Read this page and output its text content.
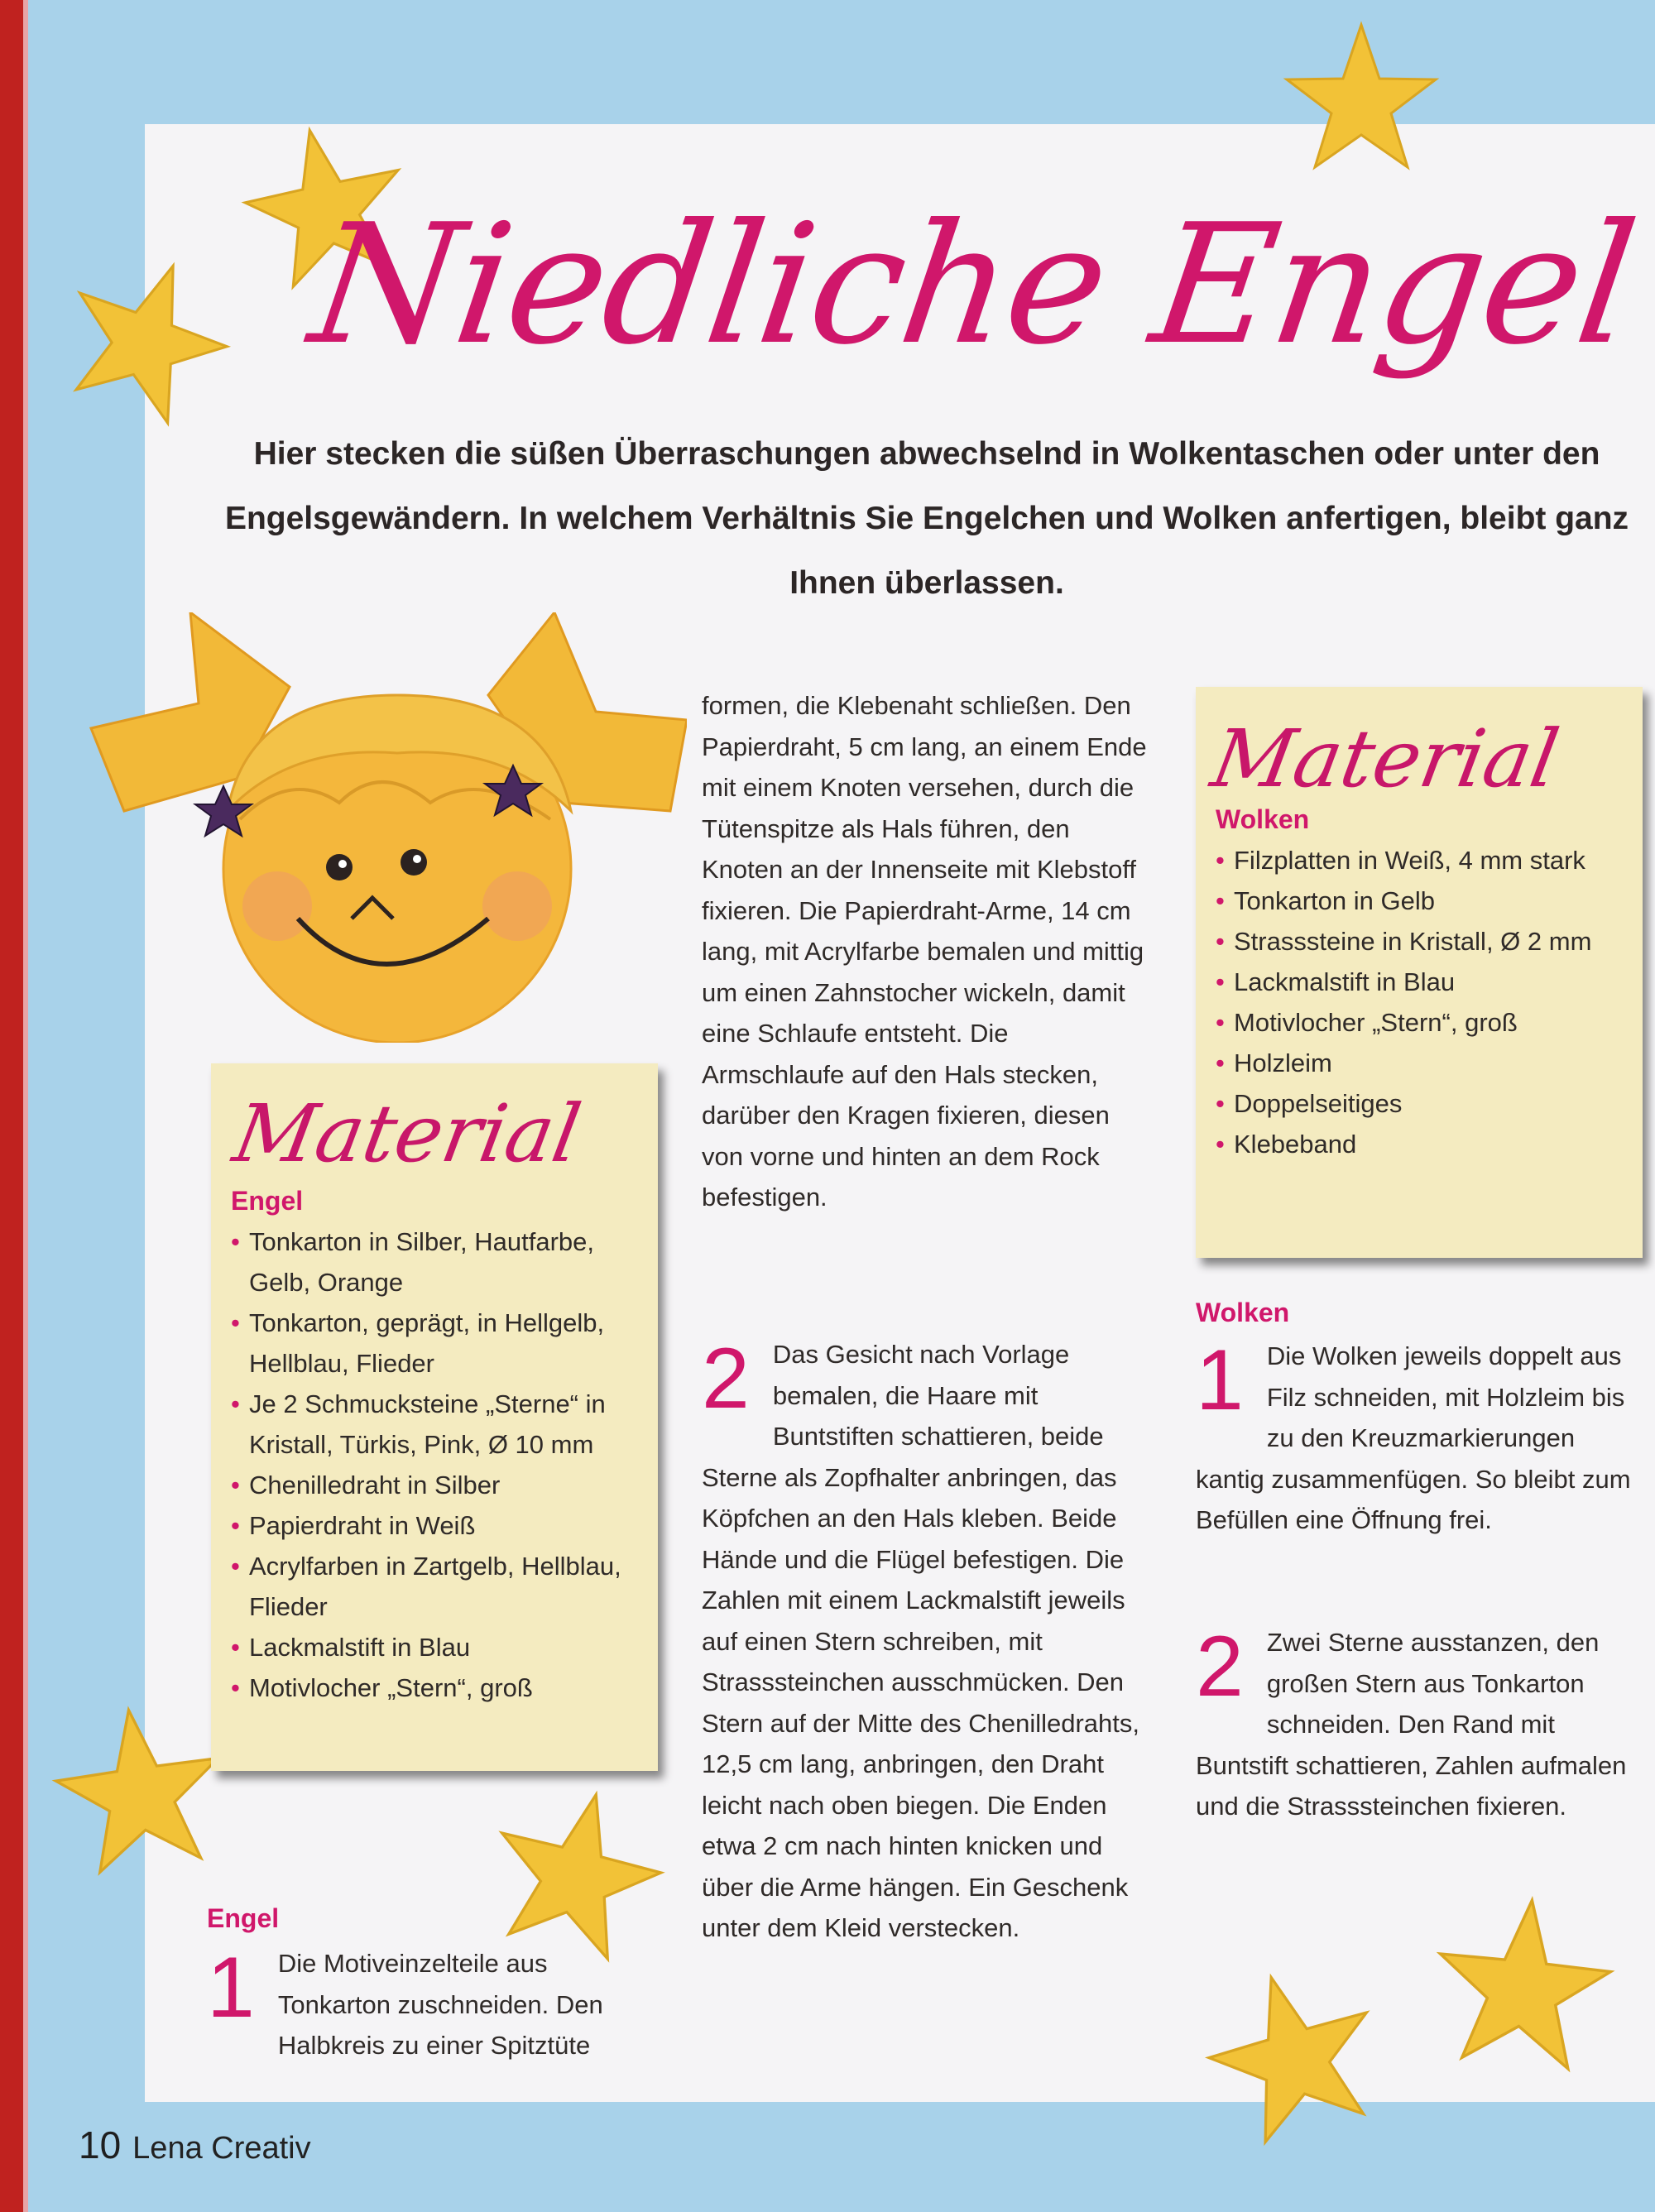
Niedliche Engel

Hier stecken die süßen Überraschungen abwechselnd in Wolkentaschen oder unter den Engelsgewändern. In welchem Verhältnis Sie Engelchen und Wolken anfertigen, bleibt ganz Ihnen überlassen.

Material
Engel
• Tonkarton in Silber, Hautfarbe, Gelb, Orange
• Tonkarton, geprägt, in Hellgelb, Hellblau, Flieder
• Je 2 Schmucksteine „Sterne“ in Kristall, Türkis, Pink, Ø 10 mm
• Chenilledraht in Silber
• Papierdraht in Weiß
• Acrylfarben in Zartgelb, Hellblau, Flieder
• Lackmalstift in Blau
• Motivlocher „Stern“, groß
Material
Wolken
• Filzplatten in Weiß, 4 mm stark
• Tonkarton in Gelb
• Strasssteine in Kristall, Ø 2 mm
• Lackmalstift in Blau
• Motivlocher „Stern“, groß
• Holzleim
• Doppelseitiges
• Klebeband
Engel
1 Die Motiveinzelteile aus Tonkarton zuschneiden. Den Halbkreis zu einer Spitztüte

formen, die Klebenaht schließen. Den Papierdraht, 5 cm lang, an einem Ende mit einem Knoten versehen, durch die Tütenspitze als Hals führen, den Knoten an der Innenseite mit Klebstoff fixieren. Die Papierdraht-Arme, 14 cm lang, mit Acrylfarbe bemalen und mittig um einen Zahnstocher wickeln, damit eine Schlaufe entsteht. Die Armschlaufe auf den Hals stecken, darüber den Kragen fixieren, diesen von vorne und hinten an dem Rock befestigen.

2 Das Gesicht nach Vorlage bemalen, die Haare mit Buntstiften schattieren, beide Sterne als Zopfhalter anbringen, das Köpfchen an den Hals kleben. Beide Hände und die Flügel befestigen. Die Zahlen mit einem Lackmalstift jeweils auf einen Stern schreiben, mit Strasssteinchen ausschmücken. Den Stern auf der Mitte des Chenilledrahts, 12,5 cm lang, anbringen, den Draht leicht nach oben biegen. Die Enden etwa 2 cm nach hinten knicken und über die Arme hängen. Ein Geschenk unter dem Kleid verstecken.

Wolken
1 Die Wolken jeweils doppelt aus Filz schneiden, mit Holzleim bis zu den Kreuzmarkierungen kantig zusammenfügen. So bleibt zum Befüllen eine Öffnung frei.

2 Zwei Sterne ausstanzen, den großen Stern aus Tonkarton schneiden. Den Rand mit Buntstift schattieren, Zahlen aufmalen und die Strasssteinchen fixieren.

10 Lena Creativ
